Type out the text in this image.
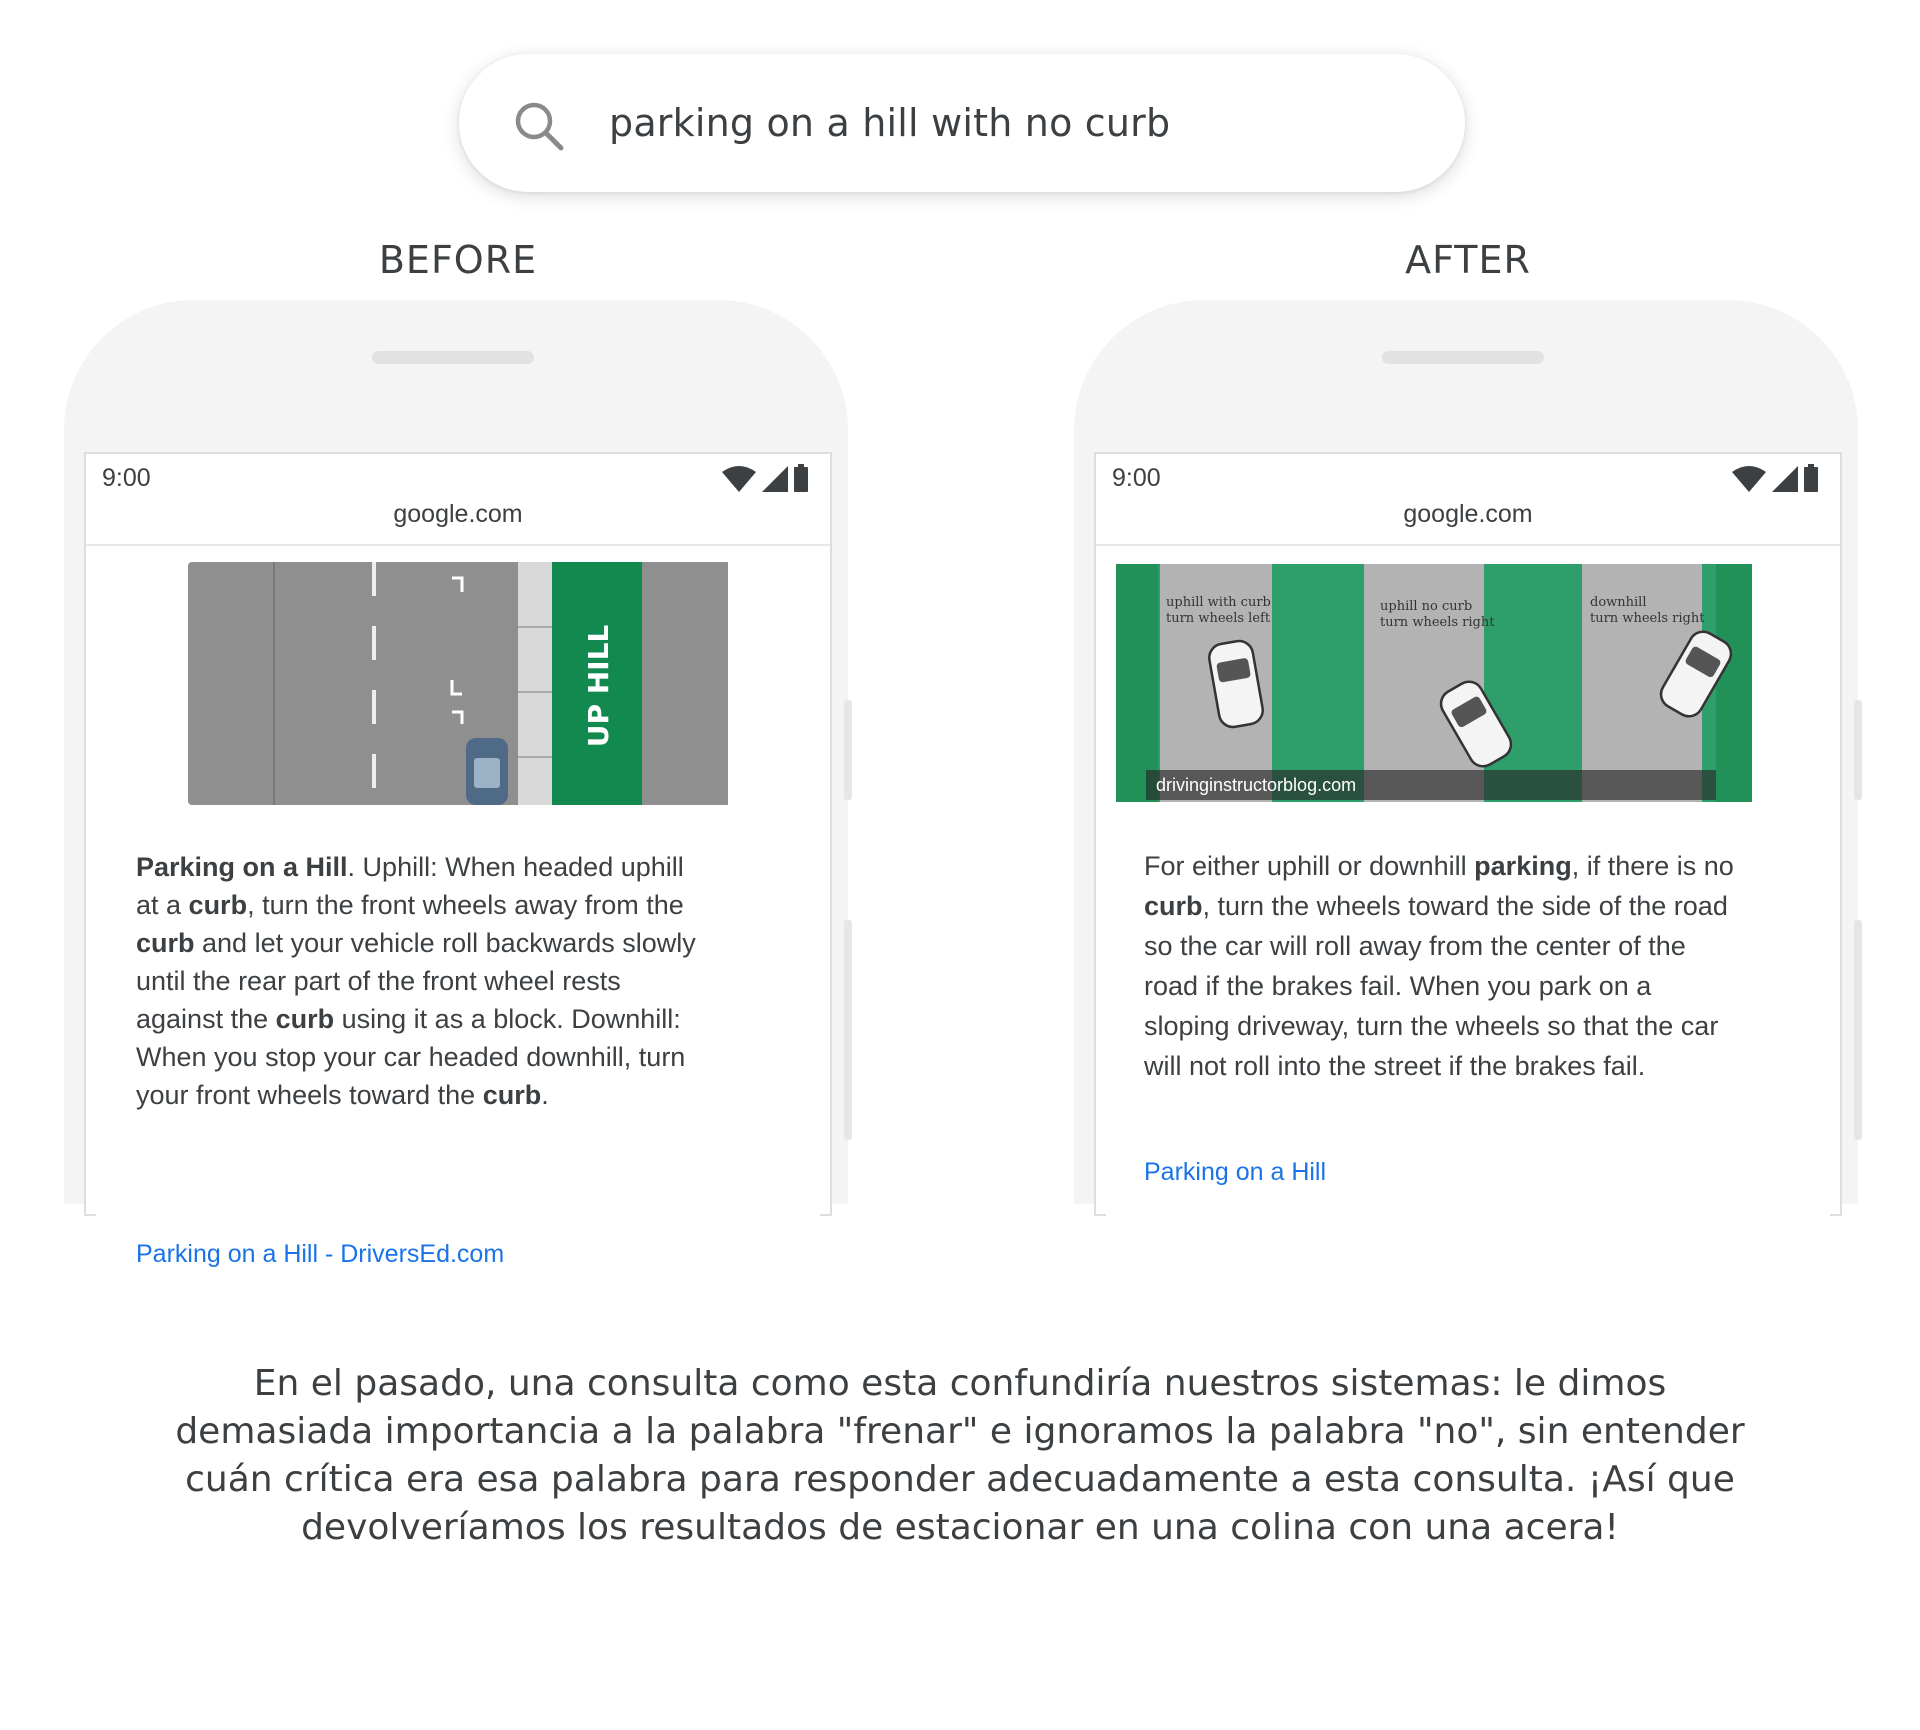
parking on a hill with no curb
BEFORE	AFTER
9:00
google.com
UP HILL
Parking on a Hill. Uphill: When headed uphill at a curb, turn the front wheels away from the curb and let your vehicle roll backwards slowly until the rear part of the front wheel rests against the curb using it as a block. Downhill: When you stop your car headed downhill, turn your front wheels toward the curb.
Parking on a Hill - DriversEd.com
9:00
google.com
uphill with curb turn wheels left
uphill no curb turn wheels right
downhill turn wheels right
drivinginstructorblog.com
For either uphill or downhill parking, if there is no curb, turn the wheels toward the side of the road so the car will roll away from the center of the road if the brakes fail. When you park on a sloping driveway, turn the wheels so that the car will not roll into the street if the brakes fail.
Parking on a Hill
En el pasado, una consulta como esta confundiría nuestros sistemas: le dimos demasiada importancia a la palabra "frenar" e ignoramos la palabra "no", sin entender cuán crítica era esa palabra para responder adecuadamente a esta consulta. ¡Así que devolveríamos los resultados de estacionar en una colina con una acera!
